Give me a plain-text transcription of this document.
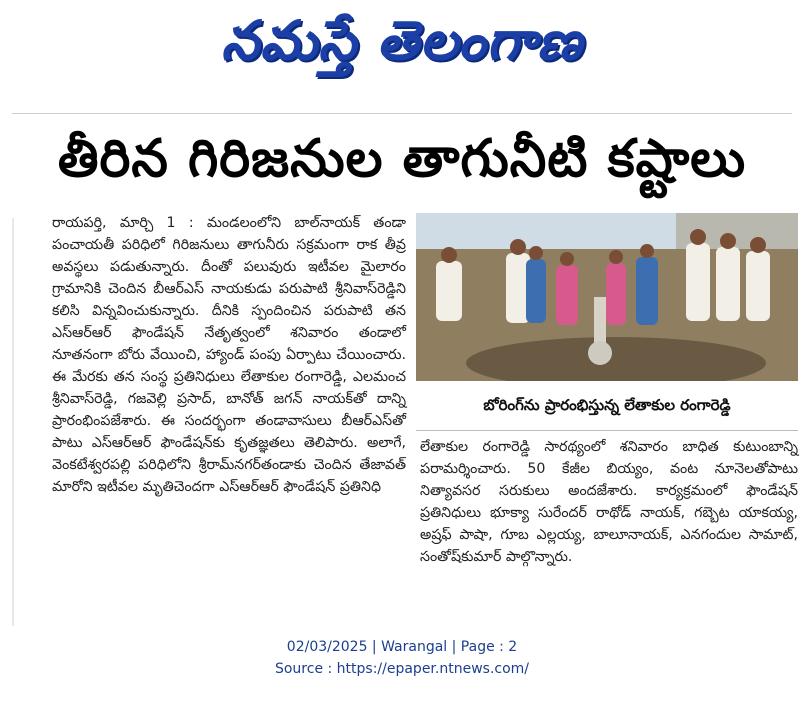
నమస్తే తెలంగాణ
తీరిన గిరిజనుల తాగునీటి కష్టాలు

రాయపర్తి, మార్చి 1 : మండలంలోని బాల్‌నాయక్ తండా పంచాయతీ పరిధిలో గిరిజనులు తాగునీరు సక్రమంగా రాక తీవ్ర అవస్థలు పడుతున్నారు. దీంతో పలువురు ఇటీవల మైలారం గ్రామానికి చెందిన బీఆర్ఎస్ నాయకుడు పరుపాటి శ్రీనివాస్‌రెడ్డిని కలిసి విన్నవించుకున్నారు. దీనికి స్పందించిన పరుపాటి తన ఎస్ఆర్ఆర్ ఫౌండేషన్ నేతృత్వంలో శనివారం తండాలో నూతనంగా బోరు వేయించి, హ్యాండ్ పంపు ఏర్పాటు చేయించారు. ఈ మేరకు తన సంస్థ ప్రతినిధులు లేతాకుల రంగారెడ్డి, ఎలమంచ శ్రీనివాస్‌రెడ్డి, గజవెల్లి ప్రసాద్, బానోత్ జగన్ నాయక్‌తో దాన్ని ప్రారంభింపజేశారు. ఈ సందర్భంగా తండావాసులు బీఆర్ఎస్‌తో పాటు ఎస్ఆర్ఆర్ ఫౌండేషన్‌కు కృతజ్ఞతలు తెలిపారు. అలాగే, వెంకటేశ్వరపల్లి పరిధిలోని శ్రీరామ్‌నగర్‌తండాకు చెందిన తేజావత్ మారోని ఇటీవల మృతిచెందగా ఎస్ఆర్ఆర్ ఫౌండేషన్ ప్రతినిధి

బోరింగ్‌ను ప్రారంభిస్తున్న లేతాకుల రంగారెడ్డి

లేతాకుల రంగారెడ్డి సారథ్యంలో శనివారం బాధిత కుటుంబాన్ని పరామర్శించారు. 50 కేజీల బియ్యం, వంట నూనెలతోపాటు నిత్యావసర సరుకులు అందజేశారు. కార్యక్రమంలో ఫౌండేషన్ ప్రతినిధులు భూక్యా సురేందర్ రాథోడ్ నాయక్, గబ్బెట యాకయ్య, అష్రఫ్ పాషా, గూబ ఎల్లయ్య, బాలూనాయక్, ఎనగందుల సామాట్, సంతోష్‌కుమార్ పాల్గొన్నారు.

02/03/2025 | Warangal | Page : 2
Source : https://epaper.ntnews.com/
